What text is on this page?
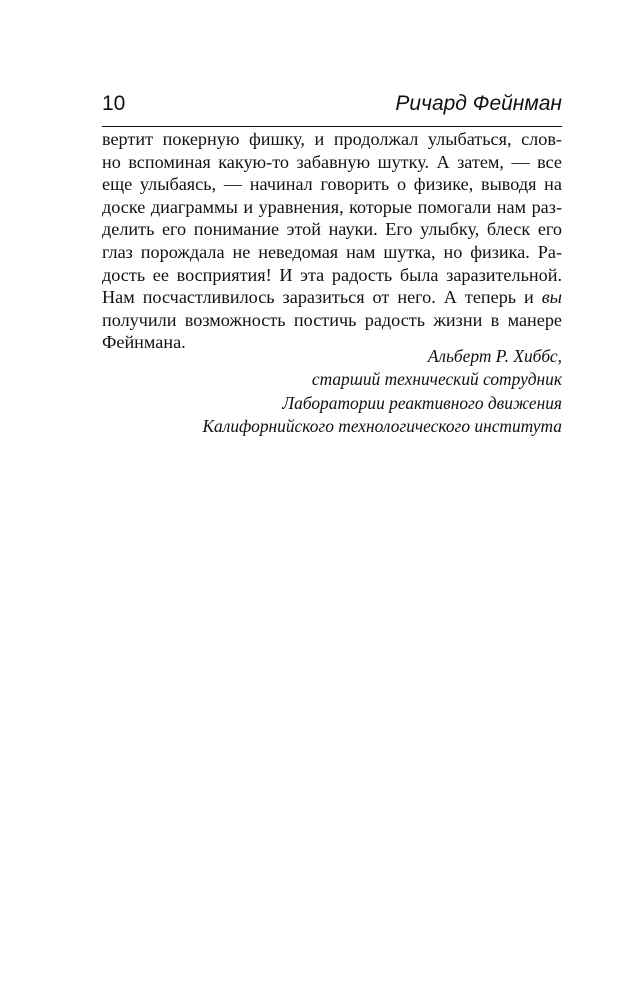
10	Ричард Фейнман
вертит покерную фишку, и продолжал улыбаться, слов-
но вспоминая какую-то забавную шутку. А затем, — все
еще улыбаясь, — начинал говорить о физике, выводя на
доске диаграммы и уравнения, которые помогали нам раз-
делить его понимание этой науки. Его улыбку, блеск его
глаз порождала не неведомая нам шутка, но физика. Ра-
дость ее восприятия! И эта радость была заразительной.
Нам посчастливилось заразиться от него. А теперь и вы
получили возможность постичь радость жизни в манере
Фейнмана.
Альберт Р. Хиббс,
старший технический сотрудник
Лаборатории реактивного движения
Калифорнийского технологического института
